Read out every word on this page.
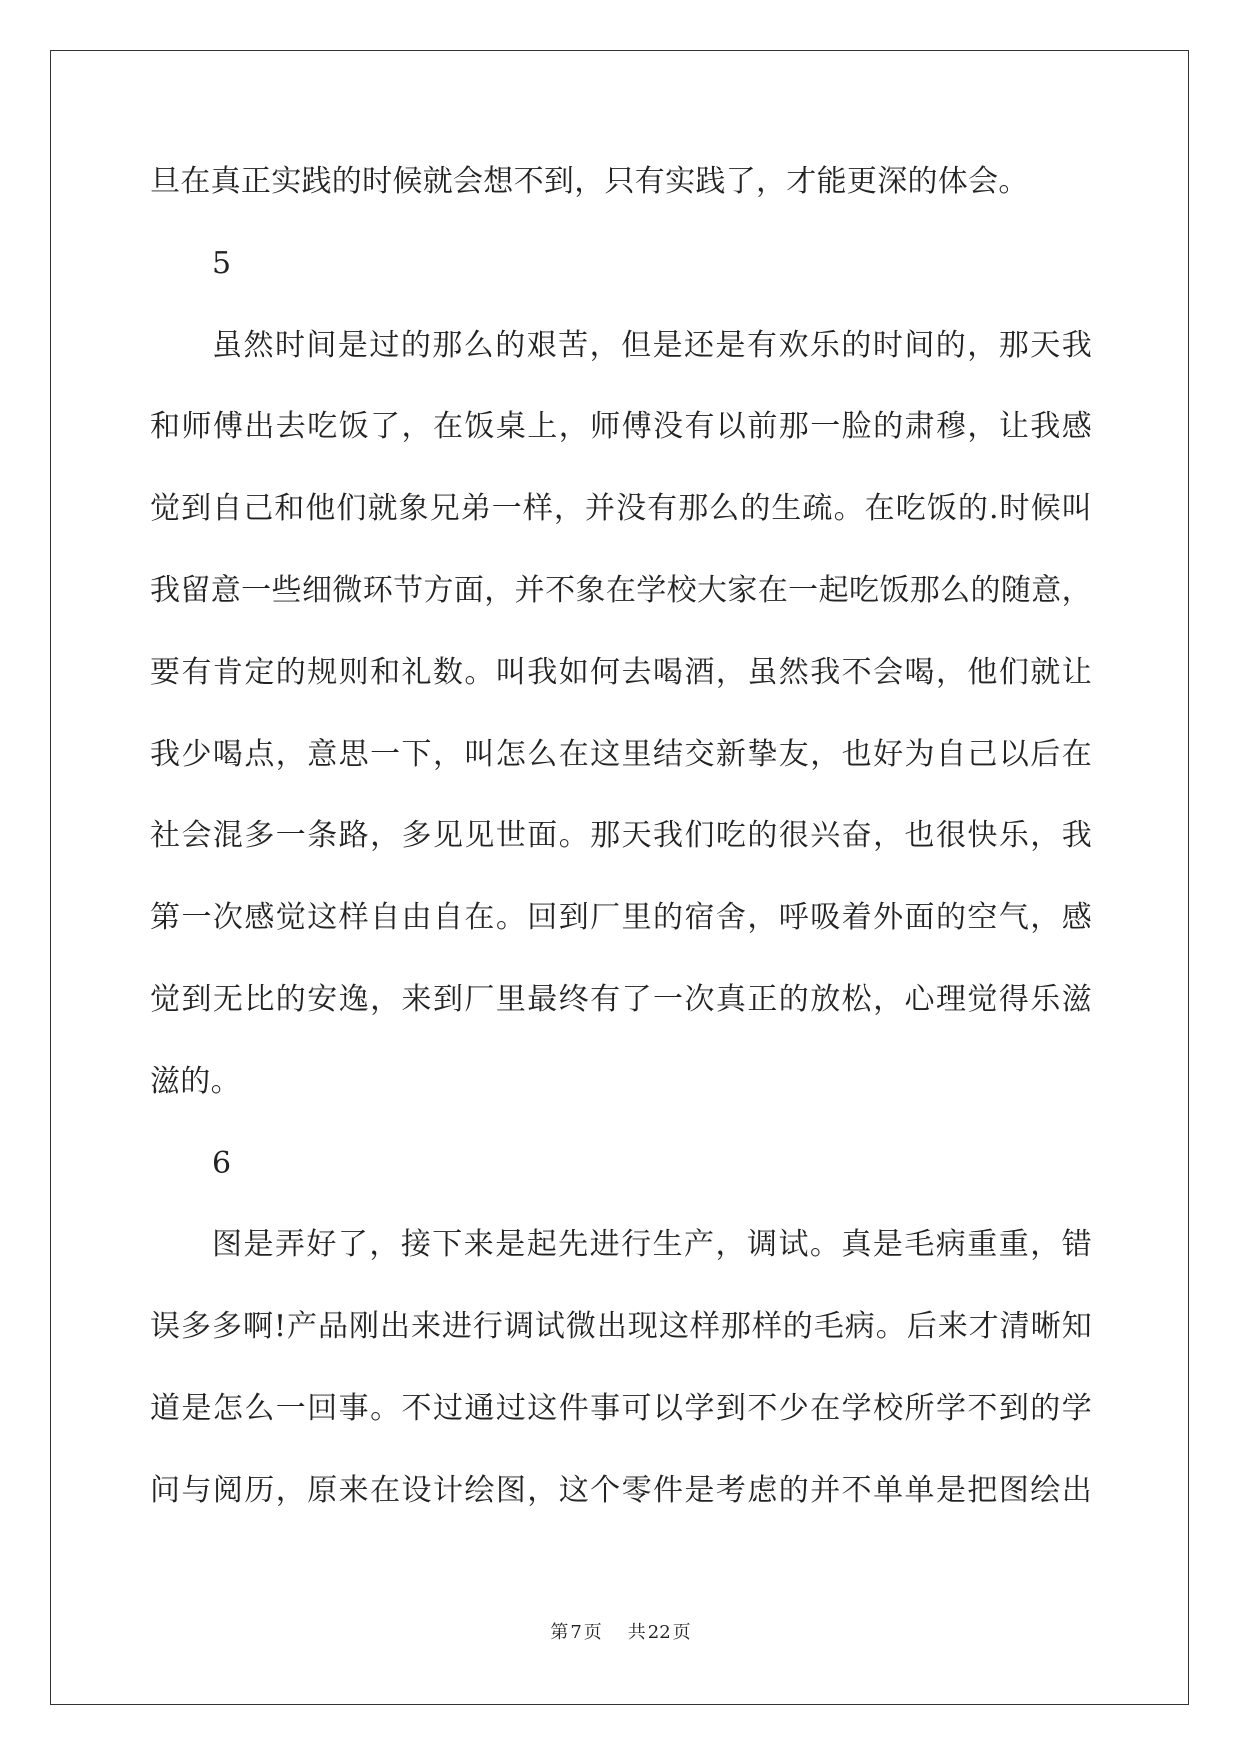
旦在真正实践的时候就会想不到，只有实践了，才能更深的体会。
5
虽然时间是过的那么的艰苦，但是还是有欢乐的时间的，那天我
和师傅出去吃饭了，在饭桌上，师傅没有以前那一脸的肃穆，让我感
觉到自己和他们就象兄弟一样，并没有那么的生疏。在吃饭的.时候叫
我留意一些细微环节方面，并不象在学校大家在一起吃饭那么的随意，
要有肯定的规则和礼数。叫我如何去喝酒，虽然我不会喝，他们就让
我少喝点，意思一下，叫怎么在这里结交新挚友，也好为自己以后在
社会混多一条路，多见见世面。那天我们吃的很兴奋，也很快乐，我
第一次感觉这样自由自在。回到厂里的宿舍，呼吸着外面的空气，感
觉到无比的安逸，来到厂里最终有了一次真正的放松，心理觉得乐滋
滋的。
6
图是弄好了，接下来是起先进行生产，调试。真是毛病重重，错
误多多啊!产品刚出来进行调试微出现这样那样的毛病。后来才清晰知
道是怎么一回事。不过通过这件事可以学到不少在学校所学不到的学
问与阅历，原来在设计绘图，这个零件是考虑的并不单单是把图绘出
第 7 页 共 22 页
